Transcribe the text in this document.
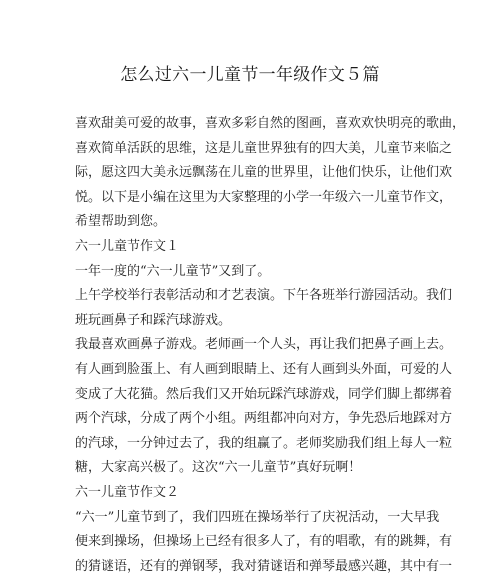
怎么过六一儿童节一年级作文５篇
喜欢甜美可爱的故事，喜欢多彩自然的图画，喜欢欢快明亮的歌曲，
喜欢简单活跃的思维，这是儿童世界独有的四大美，儿童节来临之
际，愿这四大美永远飘荡在儿童的世界里，让他们快乐，让他们欢
悦。以下是小编在这里为大家整理的小学一年级六一儿童节作文，
希望帮助到您。
六一儿童节作文１
一年一度的“六一儿童节”又到了。
上午学校举行表彰活动和才艺表演。下午各班举行游园活动。我们
班玩画鼻子和踩汽球游戏。
我最喜欢画鼻子游戏。老师画一个人头，再让我们把鼻子画上去。
有人画到脸蛋上、有人画到眼睛上、还有人画到头外面，可爱的人
变成了大花猫。然后我们又开始玩踩汽球游戏，同学们脚上都绑着
两个汽球，分成了两个小组。两组都冲向对方，争先恐后地踩对方
的汽球，一分钟过去了，我的组赢了。老师奖励我们组上每人一粒
糖，大家高兴极了。这次“六一儿童节”真好玩啊！
六一儿童节作文２
“六一”儿童节到了，我们四班在操场举行了庆祝活动，一大早我
便来到操场，但操场上已经有很多人了，有的唱歌，有的跳舞，有
的猜谜语，还有的弹钢琴，我对猜谜语和弹琴最感兴趣，其中有一
